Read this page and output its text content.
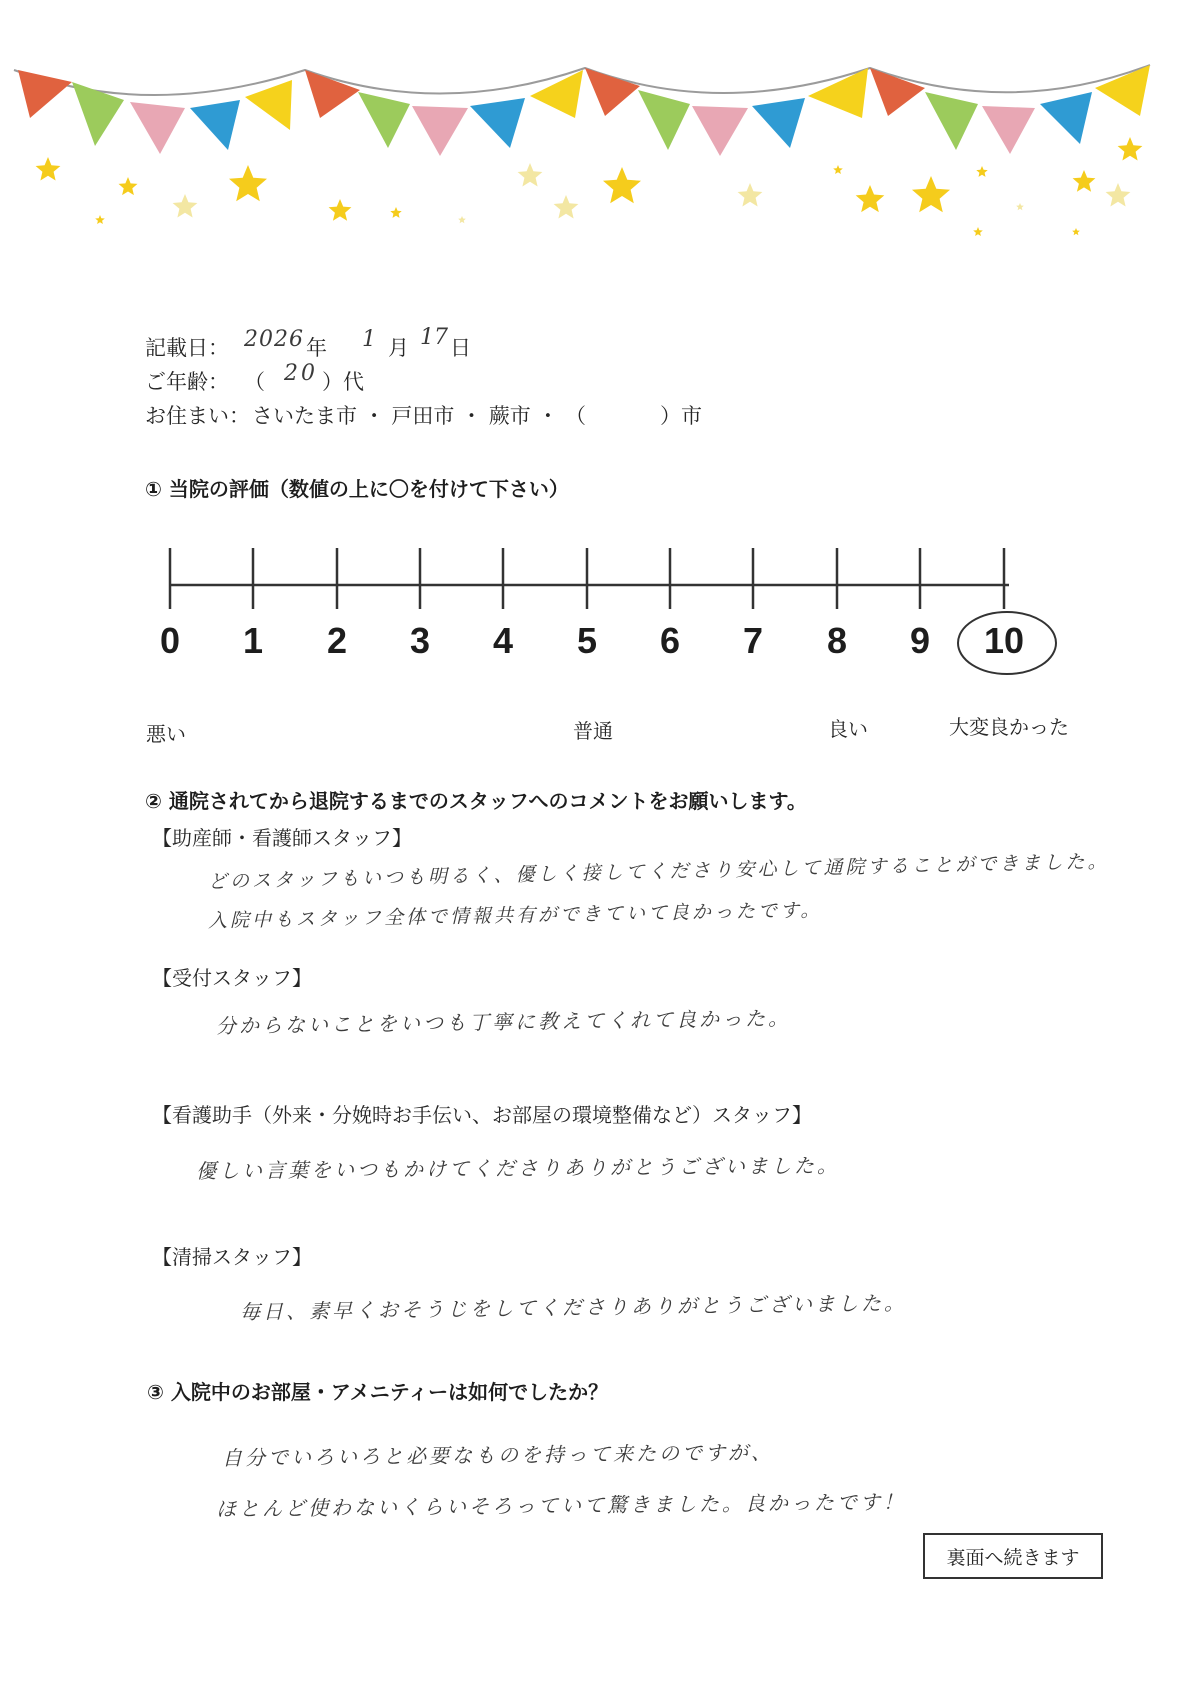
記載日： 2026 年 1 月 17 日
ご年齢： （ 20 ）代
お住まい： さいたま市 ・ 戸田市 ・ 蕨市 ・ （	）市
① 当院の評価（数値の上に〇を付けて下さい）
0	1	2	3	4	5	6	7	8	9	10
悪い	普通	良い	大変良かった
② 通院されてから退院するまでのスタッフへのコメントをお願いします。
【助産師・看護師スタッフ】
どのスタッフもいつも明るく、優しく接してくださり安心して通院することができました。
入院中もスタッフ全体で情報共有ができていて良かったです。
【受付スタッフ】
分からないことをいつも丁寧に教えてくれて良かった。
【看護助手（外来・分娩時お手伝い、お部屋の環境整備など）スタッフ】
優しい言葉をいつもかけてくださりありがとうございました。
【清掃スタッフ】
毎日、素早くおそうじをしてくださりありがとうございました。
③ 入院中のお部屋・アメニティーは如何でしたか？
自分でいろいろと必要なものを持って来たのですが、
ほとんど使わないくらいそろっていて驚きました。良かったです！
裏面へ続きます
